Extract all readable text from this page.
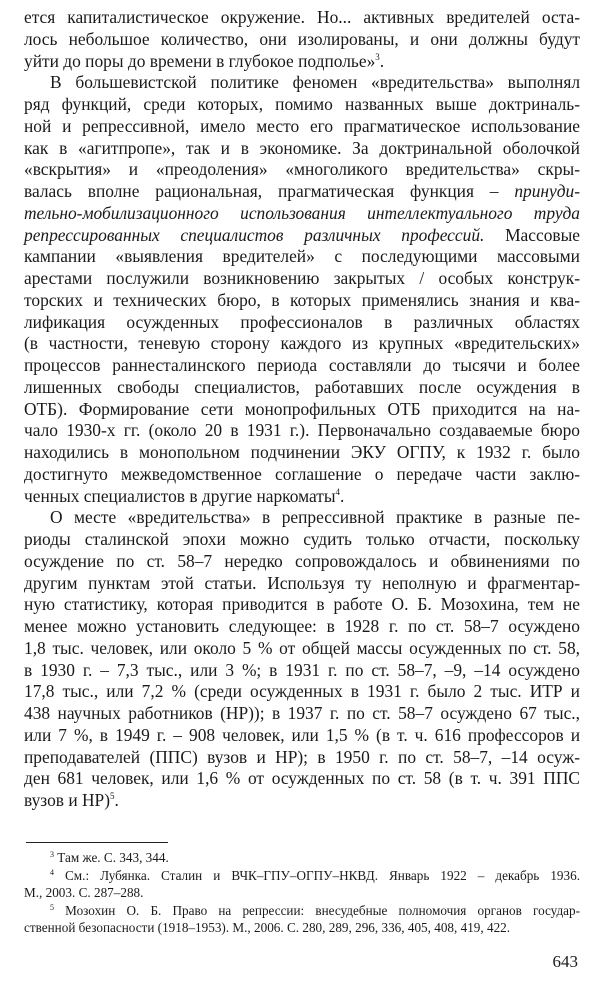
ется капиталистическое окружение. Но... активных вредителей оста-
лось небольшое количество, они изолированы, и они должны будут
уйти до поры до времени в глубокое подполье»$^3$.
В большевистской политике феномен «вредительства» выполнял
ряд функций, среди которых, помимо названных выше доктриналь-
ной и репрессивной, имело место его прагматическое использование
как в «агитпропе», так и в экономике. За доктринальной оболочкой
«вскрытия» и «преодоления» «многоликого вредительства» скры-
валась вполне рациональная, прагматическая функция – принуди-
тельно-мобилизационного использования интеллектуального труда
репрессированных специалистов различных профессий. Массовые
кампании «выявления вредителей» с последующими массовыми
арестами послужили возникновению закрытых / особых конструк-
торских и технических бюро, в которых применялись знания и ква-
лификация осужденных профессионалов в различных областях
(в частности, теневую сторону каждого из крупных «вредительских»
процессов раннесталинского периода составляли до тысячи и более
лишенных свободы специалистов, работавших после осуждения в
ОТБ). Формирование сети монопрофильных ОТБ приходится на на-
чало 1930-х гг. (около 20 в 1931 г.). Первоначально создаваемые бюро
находились в монопольном подчинении ЭКУ ОГПУ, к 1932 г. было
достигнуто межведомственное соглашение о передаче части заклю-
ченных специалистов в другие наркоматы$^4$.
О месте «вредительства» в репрессивной практике в разные пе-
риоды сталинской эпохи можно судить только отчасти, поскольку
осуждение по ст. 58–7 нередко сопровождалось и обвинениями по
другим пунктам этой статьи. Используя ту неполную и фрагментар-
ную статистику, которая приводится в работе О. Б. Мозохина, тем не
менее можно установить следующее: в 1928 г. по ст. 58–7 осуждено
1,8 тыс. человек, или около 5 % от общей массы осужденных по ст. 58,
в 1930 г. – 7,3 тыс., или 3 %; в 1931 г. по ст. 58–7, –9, –14 осуждено
17,8 тыс., или 7,2 % (среди осужденных в 1931 г. было 2 тыс. ИТР и
438 научных работников (НР)); в 1937 г. по ст. 58–7 осуждено 67 тыс.,
или 7 %, в 1949 г. – 908 человек, или 1,5 % (в т. ч. 616 профессоров и
преподавателей (ППС) вузов и НР); в 1950 г. по ст. 58–7, –14 осуж-
ден 681 человек, или 1,6 % от осужденных по ст. 58 (в т. ч. 391 ППС
вузов и НР)$^5$.
$^3$ Там же. С. 343, 344.
$^4$ См.: Лубянка. Сталин и ВЧК–ГПУ–ОГПУ–НКВД. Январь 1922 – декабрь 1936.
М., 2003. С. 287–288.
$^5$ Мозохин О. Б. Право на репрессии: внесудебные полномочия органов государ-
ственной безопасности (1918–1953). М., 2006. С. 280, 289, 296, 336, 405, 408, 419, 422.
643
